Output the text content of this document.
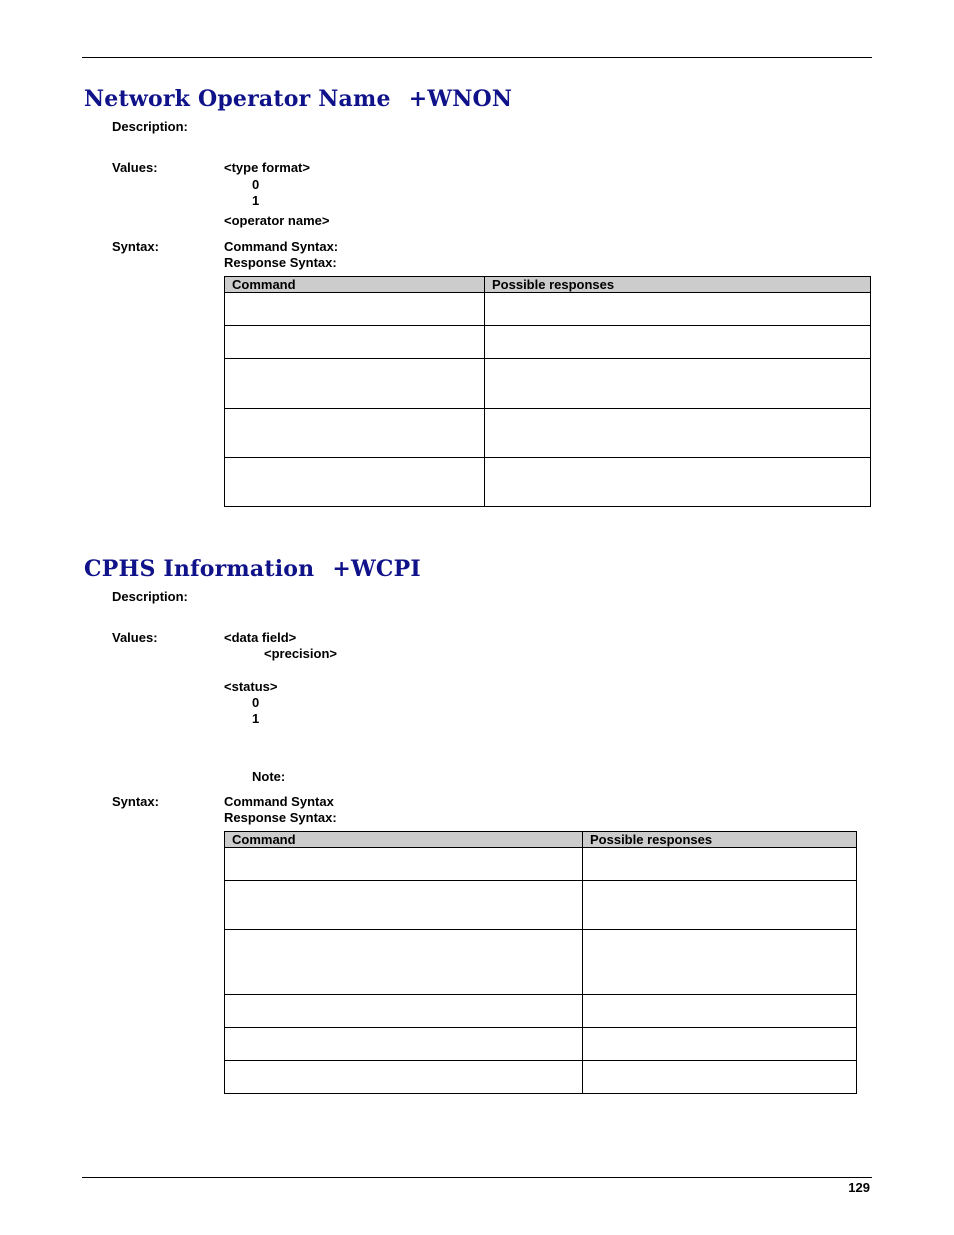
Network Operator Name +WNON
Description:
Values:	<type format>
0
1
<operator name>
Syntax:	Command Syntax:
Response Syntax:
Command	Possible responses

CPHS Information +WCPI
Description:
Values:	<data field>
<precision>
<status>
0
1
Note:
Syntax:	Command Syntax
Response Syntax:
Command	Possible responses

129
